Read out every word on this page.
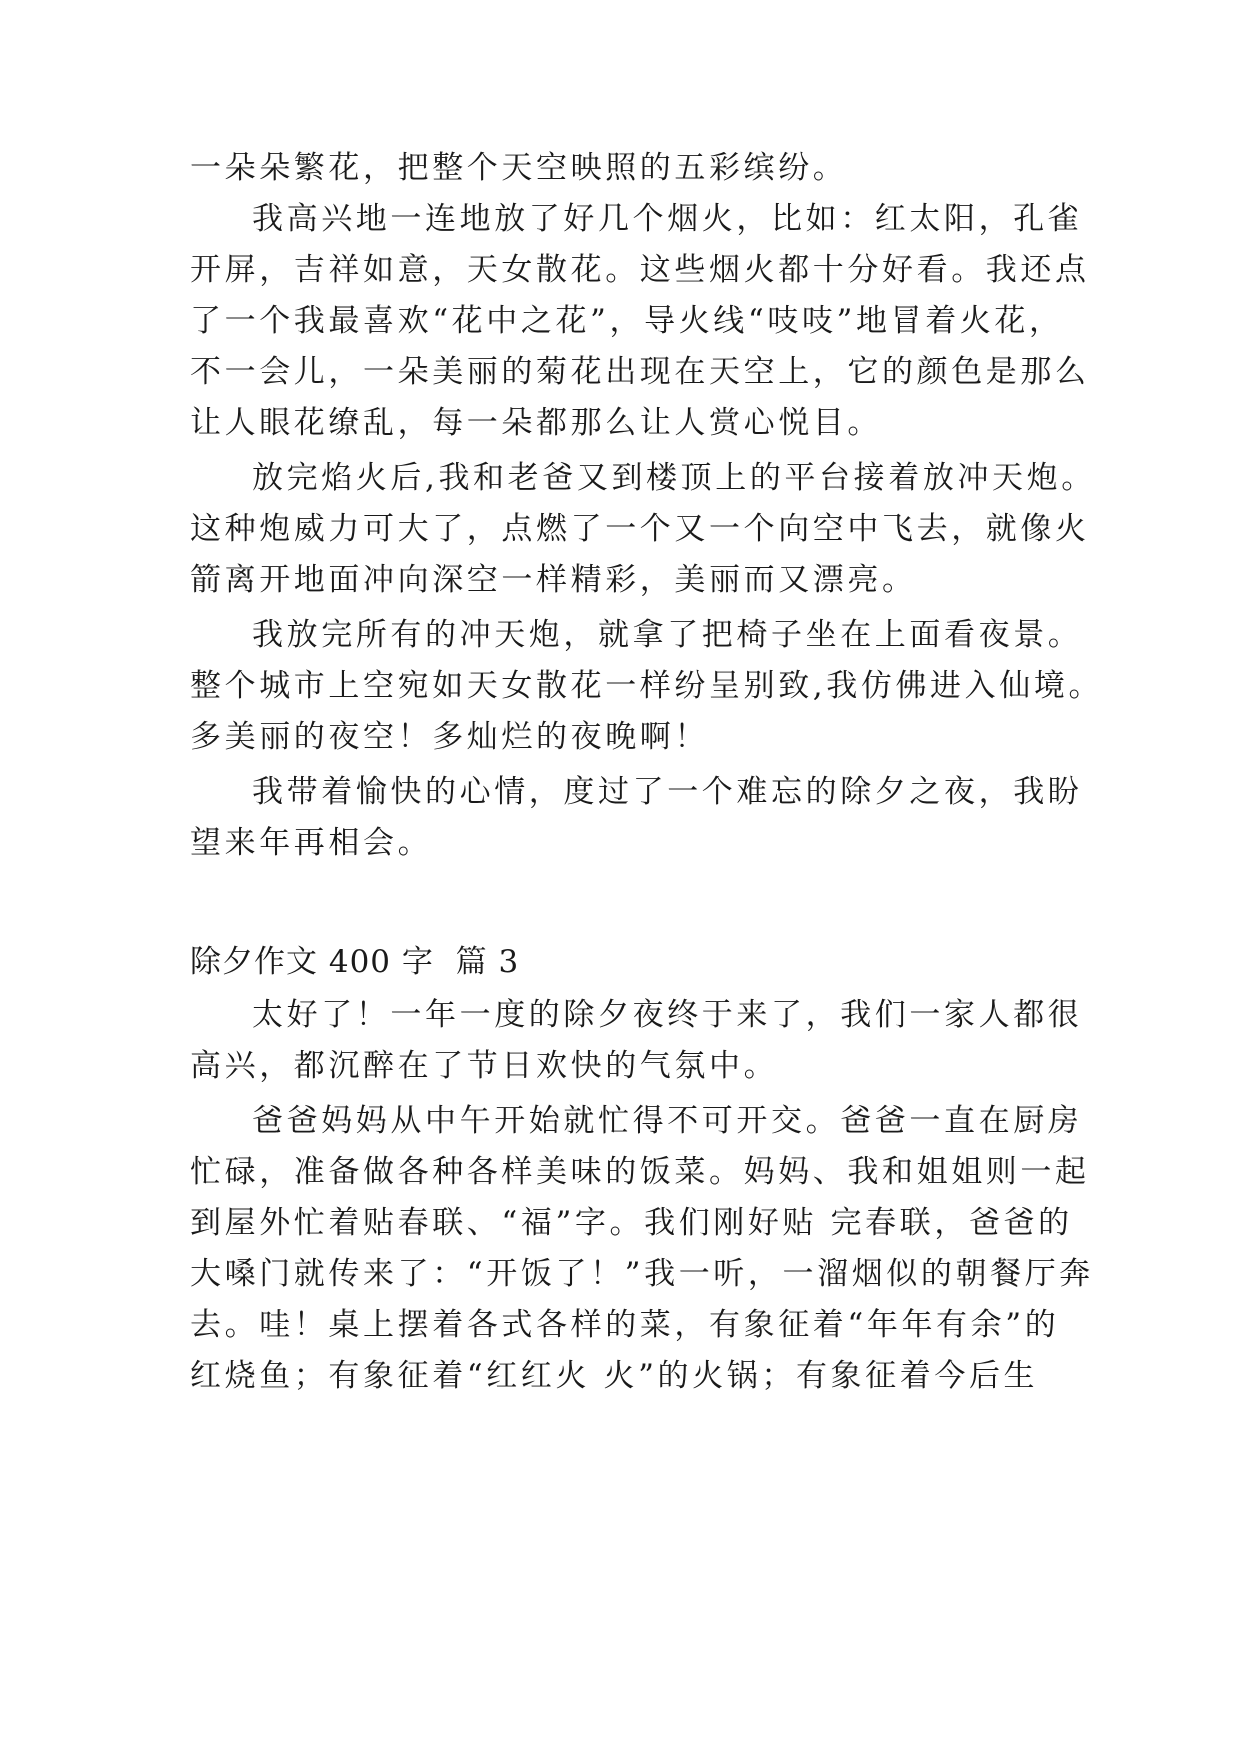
一朵朵繁花，把整个天空映照的五彩缤纷。
我高兴地一连地放了好几个烟火，比如：红太阳，孔雀
开屏，吉祥如意，天女散花。这些烟火都十分好看。我还点
了一个我最喜欢“花中之花”，导火线“吱吱”地冒着火花，
不一会儿，一朵美丽的菊花出现在天空上，它的颜色是那么
让人眼花缭乱，每一朵都那么让人赏心悦目。
放完焰火后,我和老爸又到楼顶上的平台接着放冲天炮。
这种炮威力可大了，点燃了一个又一个向空中飞去，就像火
箭离开地面冲向深空一样精彩，美丽而又漂亮。
我放完所有的冲天炮，就拿了把椅子坐在上面看夜景。
整个城市上空宛如天女散花一样纷呈别致,我仿佛进入仙境。
多美丽的夜空！多灿烂的夜晚啊！
我带着愉快的心情，度过了一个难忘的除夕之夜，我盼
望来年再相会。
除夕作文 400 字  篇 3
太好了！一年一度的除夕夜终于来了，我们一家人都很
高兴，都沉醉在了节日欢快的气氛中。
爸爸妈妈从中午开始就忙得不可开交。爸爸一直在厨房
忙碌，准备做各种各样美味的饭菜。妈妈、我和姐姐则一起
到屋外忙着贴春联、“福”字。我们刚好贴 完春联，爸爸的
大嗓门就传来了：“开饭了！”我一听，一溜烟似的朝餐厅奔
去。哇！桌上摆着各式各样的菜，有象征着“年年有余”的
红烧鱼；有象征着“红红火 火”的火锅；有象征着今后生
